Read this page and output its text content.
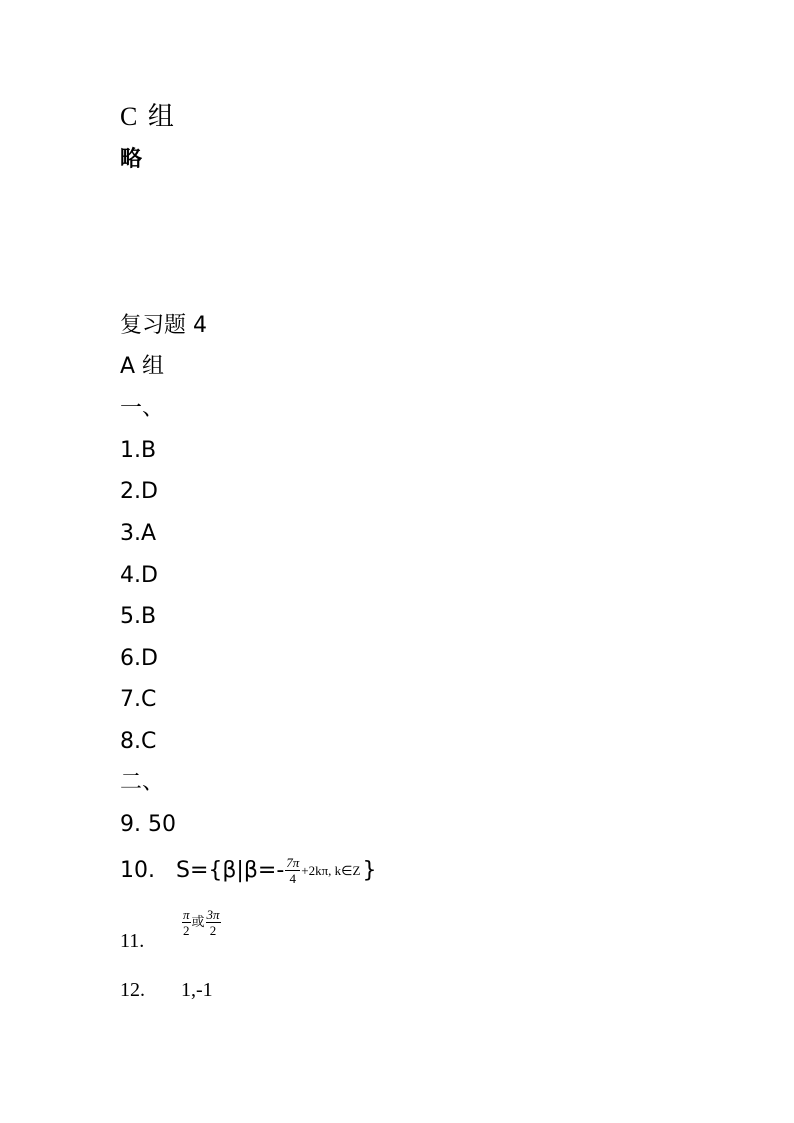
C 组
略
复习题 4
A 组
一、
1.B
2.D
3.A
4.D
5.B
6.D
7.C
8.C
二、
9. 50
10. $S=\{\beta|\beta=- \frac{7\pi}{4} +2k\pi$, k∈Z }
11.
$\frac{\pi}{2}$ 或 $\frac{3\pi}{2}$
12. 1,-1
